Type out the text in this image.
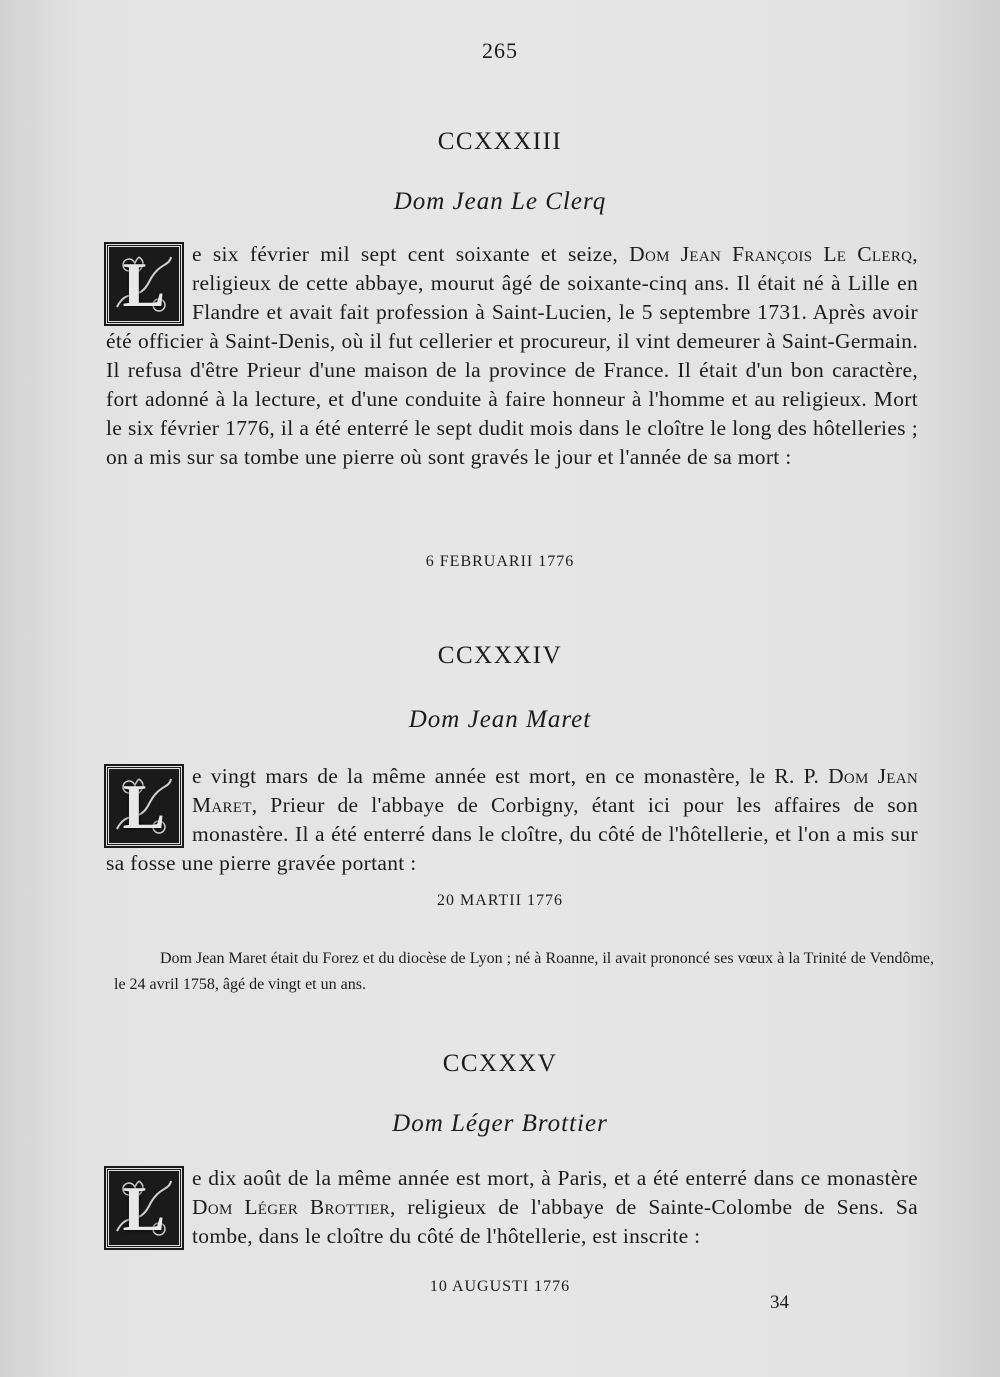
265
CCXXXIII
Dom Jean Le Clerq
L	e six février mil sept cent soixante et seize, Dom Jean François Le Clerq, religieux de cette abbaye, mourut âgé de soixante-cinq ans. Il était né à Lille en Flandre et avait fait profession à Saint-Lucien, le 5 septembre 1731. Après avoir été officier à Saint-Denis, où il fut cellerier et procureur, il vint demeurer à Saint-Germain. Il refusa d'être Prieur d'une maison de la province de France. Il était d'un bon caractère, fort adonné à la lecture, et d'une conduite à faire honneur à l'homme et au religieux. Mort le six février 1776, il a été enterré le sept dudit mois dans le cloître le long des hôtelleries ; on a mis sur sa tombe une pierre où sont gravés le jour et l'année de sa mort :

6 FEBRUARII 1776
CCXXXIV
Dom Jean Maret
L	e vingt mars de la même année est mort, en ce monastère, le R. P. Dom Jean Maret, Prieur de l'abbaye de Corbigny, étant ici pour les affaires de son monastère. Il a été enterré dans le cloître, du côté de l'hôtellerie, et l'on a mis sur sa fosse une pierre gravée portant :

20 MARTII 1776

Dom Jean Maret était du Forez et du diocèse de Lyon ; né à Roanne, il avait prononcé ses vœux à la Trinité de Vendôme, le 24 avril 1758, âgé de vingt et un ans.

CCXXXV
Dom Léger Brottier
L	e dix août de la même année est mort, à Paris, et a été enterré dans ce monastère Dom Léger Brottier, religieux de l'abbaye de Sainte-Colombe de Sens. Sa tombe, dans le cloître du côté de l'hôtellerie, est inscrite :

10 AUGUSTI 1776
34
